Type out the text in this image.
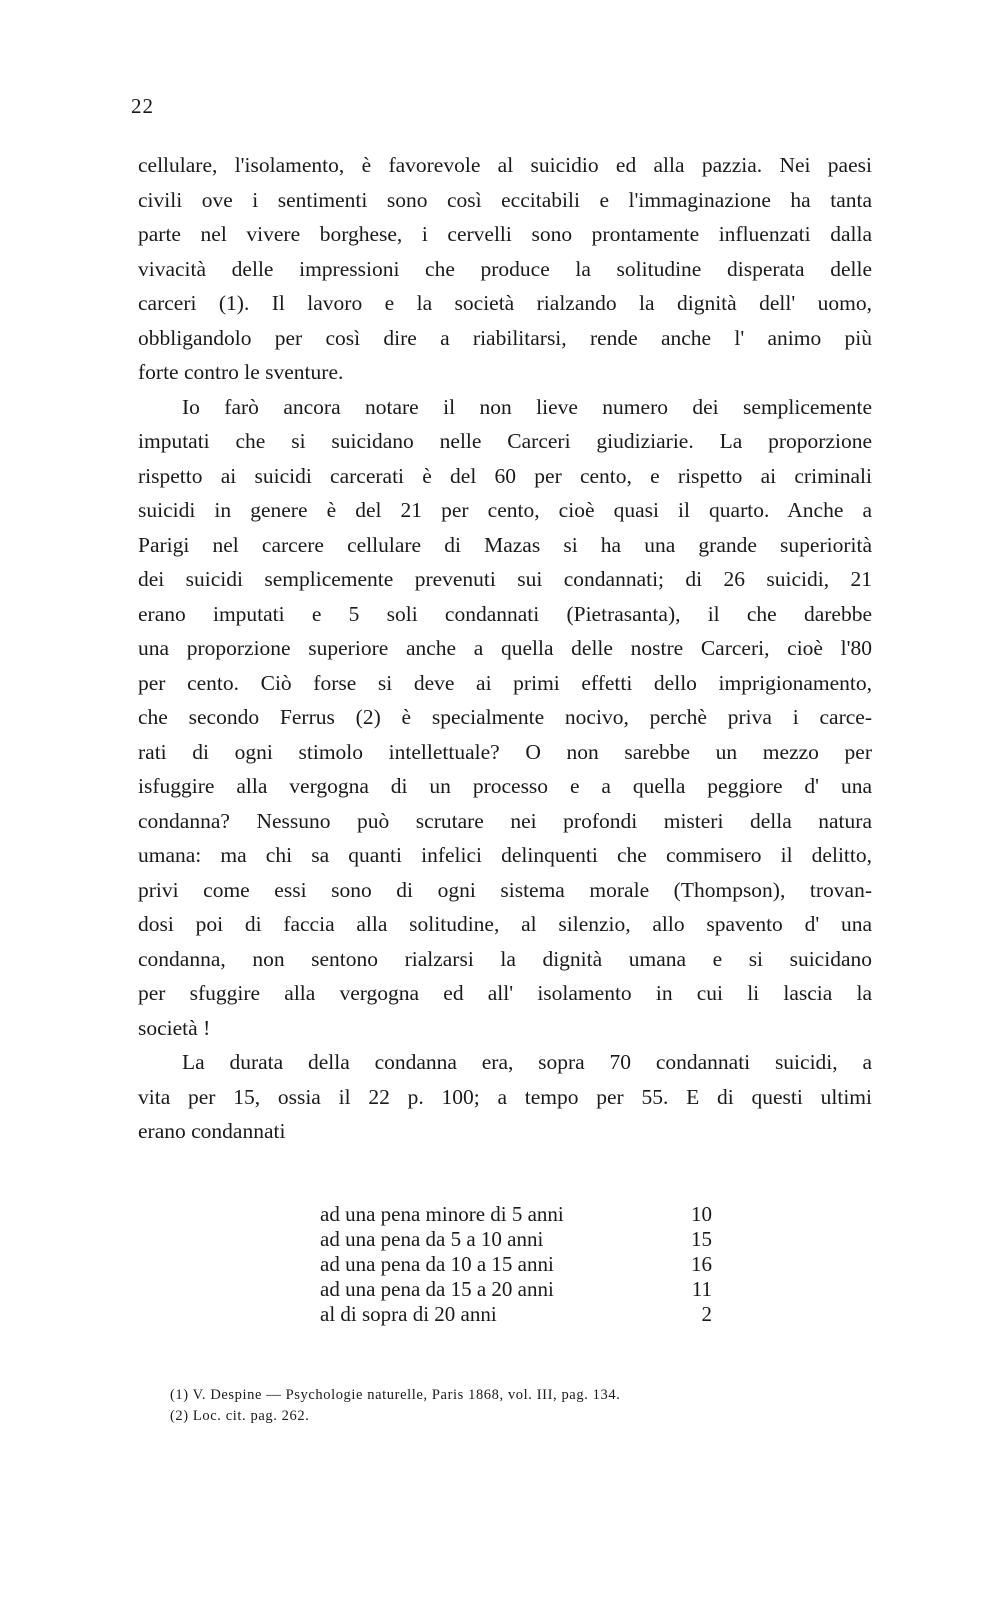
22
cellulare, l'isolamento, è favorevole al suicidio ed alla pazzia. Nei paesi
civili ove i sentimenti sono così eccitabili e l'immaginazione ha tanta
parte nel vivere borghese, i cervelli sono prontamente influenzati dalla
vivacità delle impressioni che produce la solitudine disperata delle
carceri (1). Il lavoro e la società rialzando la dignità dell' uomo,
obbligandolo per così dire a riabilitarsi, rende anche l' animo più
forte contro le sventure.
Io farò ancora notare il non lieve numero dei semplicemente
imputati che si suicidano nelle Carceri giudiziarie. La proporzione
rispetto ai suicidi carcerati è del 60 per cento, e rispetto ai criminali
suicidi in genere è del 21 per cento, cioè quasi il quarto. Anche a
Parigi nel carcere cellulare di Mazas si ha una grande superiorità
dei suicidi semplicemente prevenuti sui condannati; di 26 suicidi, 21
erano imputati e 5 soli condannati (Pietrasanta), il che darebbe
una proporzione superiore anche a quella delle nostre Carceri, cioè l'80
per cento. Ciò forse si deve ai primi effetti dello imprigionamento,
che secondo Ferrus (2) è specialmente nocivo, perchè priva i carce-
rati di ogni stimolo intellettuale? O non sarebbe un mezzo per
isfuggire alla vergogna di un processo e a quella peggiore d' una
condanna? Nessuno può scrutare nei profondi misteri della natura
umana: ma chi sa quanti infelici delinquenti che commisero il delitto,
privi come essi sono di ogni sistema morale (Thompson), trovan-
dosi poi di faccia alla solitudine, al silenzio, allo spavento d' una
condanna, non sentono rialzarsi la dignità umana e si suicidano
per sfuggire alla vergogna ed all' isolamento in cui li lascia la
società !
La durata della condanna era, sopra 70 condannati suicidi, a
vita per 15, ossia il 22 p. 100; a tempo per 55. E di questi ultimi
erano condannati
ad una pena minore di 5 anni	10
ad una pena da 5 a 10 anni	15
ad una pena da 10 a 15 anni	16
ad una pena da 15 a 20 anni	11
al di sopra di 20 anni	2
(1) V. Despine — Psychologie naturelle, Paris 1868, vol. III, pag. 134.
(2) Loc. cit. pag. 262.
